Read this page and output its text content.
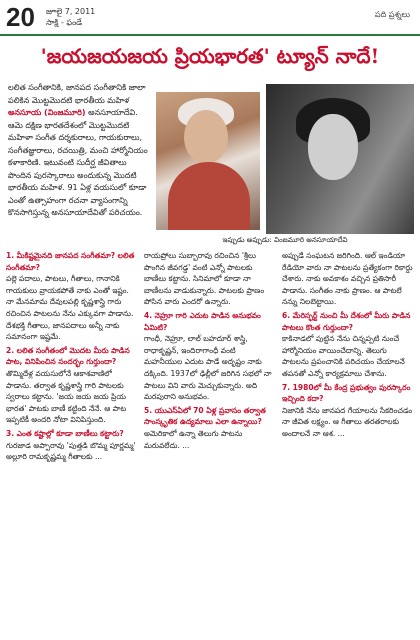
20 జూలై 7, 2011
సాక్షి - ఫండే
పది ప్రశ్నలు
'జయజయజయ ప్రియభారత' ట్యూన్ నాదే!
లలిత సంగీతానికి, జానపద సంగీతానికి జాలా పలికిన మొట్టమొదటి భారతీయ మహిళ అనసూయ (వింజమూరి) అనసూయాదేవి. ఆమె దక్షిణ భారతదేశంలో మొట్టమొదటి మహిళా సంగీత దర్శకురాలు, గాయకురాలు, సంగీతజ్ఞురాలు, రచయిత్రి, మంచి హార్మోనియం కళాకారిణి. ఇటువంటి సుదీర్ఘ జీవితాలు పొందిన పురస్కారాలు అందుకున్న మొదటి భారతీయ మహిళ. 91 ఏళ్ల వయసులో కూడా ఎంతో ఉత్సాహంగా రచనా వ్యాసంగాన్ని కొనసాగిస్తున్న అనసూయాదేవితో పరిచయం.
ఇప్పుడు అప్పుడు: వింజమూరి అనసూయాదేవి

1. మీకిష్టమైనది జానపద సంగీతమా? లలిత సంగీతమా?

పల్లె పదాలు, పాటలు, గీతాలు, గానానికి గాయకులు వ్రాయకపోతే నాకు ఎంతో ఇష్టం. నా మేనమామ దేవులపల్లి కృష్ణశాస్త్రి గారు రచించిన పాటలను నేను ఎక్కువగా పాడాను. దేశభక్తి గీతాలు, జానపదాలు అన్నీ నాకు సమానంగా ఇష్టమే.

2. లలిత సంగీతంలో మొదట మీరు పాడిన పాట, వినిపించిన సందర్భం గుర్తుందా?

తొమ్మిదేళ్ల వయసులోనే ఆకాశవాణిలో పాడాను. తర్వాత కృష్ణశాస్త్రి గారి పాటలకు స్వరాలు కట్టాను. 'జయ జయ జయ ప్రియ భారత' పాటకు బాణీ కట్టింది నేనే. ఆ పాట ఇప్పటికీ అందరి నోటా వినిపిస్తుంది.

3. ఎంత కష్టాల్లో కూడా బాణీలు కట్టారు?

గురజాడ అప్పారావు 'పుత్తడి బొమ్మ పూర్ణమ్మ' అల్లూరి రామకృష్ణమ్మ గీతాలకు ...

రాయప్రోలు సుబ్బారావు రచించిన 'శ్రీలు పొంగిన జీవగడ్డ' వంటి ఎన్నో పాటలకు బాణీలు కట్టాను. సినిమాలో కూడా నా బాణీలను వాడుకున్నారు. పాటలకు ప్రాణం పోసిన వారు ఎందరో ఉన్నారు.

4. నెహ్రూ గారి ఎదుట పాడిన అనుభవం ఏమిటి?

గాంధీ, నెహ్రూ, లాల్ బహదూర్ శాస్త్రి, రాధాకృష్ణన్, ఇందిరాగాంధీ వంటి మహనీయుల ఎదుట పాడే అదృష్టం నాకు దక్కింది. 1937లో ఢిల్లీలో జరిగిన సభలో నా పాటలు విని వారు మెచ్చుకున్నారు. అది మరపురాని అనుభవం.

5. యుఎస్ఏలో 70 ఏళ్ల ప్రవాసం తర్వాత సాంస్కృతిక ఉద్యమాలు ఎలా ఉన్నాయి?

అమెరికాలో ఉన్నా తెలుగు పాటను మరువలేదు. ...

అప్పుడే సంఘటన జరిగింది. ఆల్ ఇండియా రేడియో వారు నా పాటలను ప్రత్యేకంగా రికార్డు చేశారు. నాకు అవకాశం వచ్చిన ప్రతిసారీ పాడాను. సంగీతం నాకు ప్రాణం. ఆ పాటలే నన్ను నిలబెట్టాయి.

6. మేరిస్ఫర్ట్ నుంచి మీ దేశంలో మీరు పాడిన పాటలు కొంత గుర్తుందా?

కాకినాడలో పుట్టిన నేను చిన్నప్పటి నుంచే హార్మోనియం వాయించేదాన్ని. తెలుగు పాటలను ప్రపంచానికి పరిచయం చేయాలనే తపనతో ఎన్నో కార్యక్రమాలు చేశాను.

7. 1980లో మీ కేంద్ర ప్రభుత్వం పురస్కారం ఇచ్చింది కదా?

నిజానికి నేను జానపద గేయాలను సేకరించడం నా జీవిత లక్ష్యం. ఆ గీతాలు తరతరాలకు అందాలనే నా ఆశ. ...
